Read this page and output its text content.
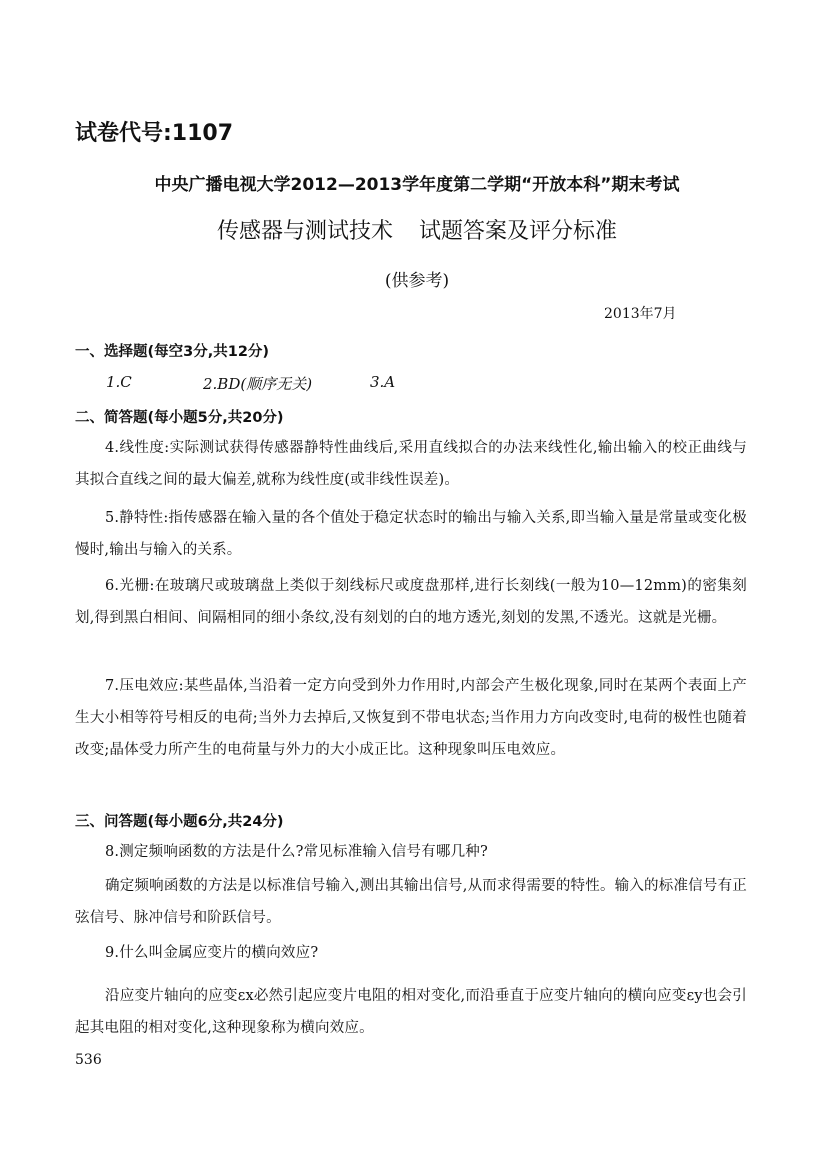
试卷代号:1107
中央广播电视大学2012—2013学年度第二学期“开放本科”期末考试
传感器与测试技术 试题答案及评分标准
(供参考)
2013年7月
一、选择题(每空3分,共12分)
1.C	2.BD(顺序无关)	3.A
二、简答题(每小题5分,共20分)
4.线性度:实际测试获得传感器静特性曲线后,采用直线拟合的办法来线性化,输出输入的校正曲线与其拟合直线之间的最大偏差,就称为线性度(或非线性误差)。
5.静特性:指传感器在输入量的各个值处于稳定状态时的输出与输入关系,即当输入量是常量或变化极慢时,输出与输入的关系。
6.光栅:在玻璃尺或玻璃盘上类似于刻线标尺或度盘那样,进行长刻线(一般为10—12mm)的密集刻划,得到黑白相间、间隔相同的细小条纹,没有刻划的白的地方透光,刻划的发黑,不透光。这就是光栅。
7.压电效应:某些晶体,当沿着一定方向受到外力作用时,内部会产生极化现象,同时在某两个表面上产生大小相等符号相反的电荷;当外力去掉后,又恢复到不带电状态;当作用力方向改变时,电荷的极性也随着改变;晶体受力所产生的电荷量与外力的大小成正比。这种现象叫压电效应。
三、问答题(每小题6分,共24分)
8.测定频响函数的方法是什么?常见标准输入信号有哪几种?
确定频响函数的方法是以标准信号输入,测出其输出信号,从而求得需要的特性。输入的标准信号有正弦信号、脉冲信号和阶跃信号。
9.什么叫金属应变片的横向效应?
沿应变片轴向的应变εx必然引起应变片电阻的相对变化,而沿垂直于应变片轴向的横向应变εy也会引起其电阻的相对变化,这种现象称为横向效应。
536
